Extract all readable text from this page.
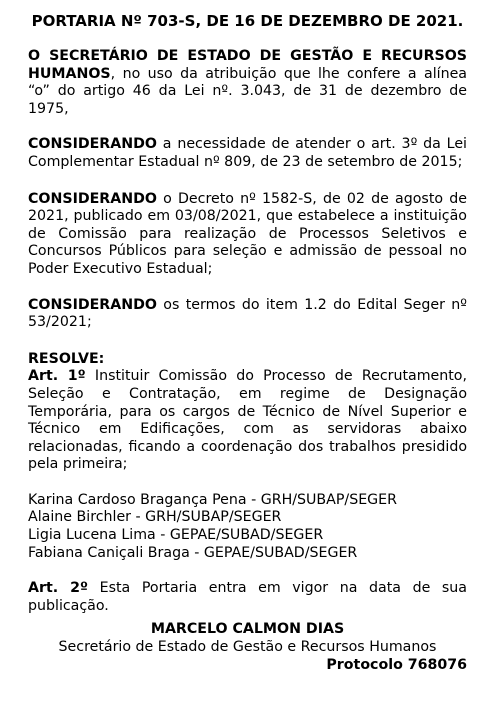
PORTARIA Nº 703-S, DE 16 DE DEZEMBRO DE 2021.

O SECRETÁRIO DE ESTADO DE GESTÃO E RECURSOS HUMANOS, no uso da atribuição que lhe confere a alínea “o” do artigo 46 da Lei nº. 3.043, de 31 de dezembro de 1975,

CONSIDERANDO a necessidade de atender o art. 3º da Lei Complementar Estadual nº 809, de 23 de setembro de 2015;

CONSIDERANDO o Decreto nº 1582-S, de 02 de agosto de 2021, publicado em 03/08/2021, que estabelece a instituição de Comissão para realização de Processos Seletivos e Concursos Públicos para seleção e admissão de pessoal no Poder Executivo Estadual;

CONSIDERANDO os termos do item 1.2 do Edital Seger nº 53/2021;

RESOLVE:

Art. 1º Instituir Comissão do Processo de Recrutamento, Seleção e Contratação, em regime de Designação Temporária, para os cargos de Técnico de Nível Superior e Técnico em Edificações, com as servidoras abaixo relacionadas, ficando a coordenação dos trabalhos presidido pela primeira;

Karina Cardoso Bragança Pena - GRH/SUBAP/SEGER
Alaine Birchler - GRH/SUBAP/SEGER
Ligia Lucena Lima - GEPAE/SUBAD/SEGER
Fabiana Caniçali Braga - GEPAE/SUBAD/SEGER

Art. 2º Esta Portaria entra em vigor na data de sua publicação.

MARCELO CALMON DIAS
Secretário de Estado de Gestão e Recursos Humanos
Protocolo 768076
